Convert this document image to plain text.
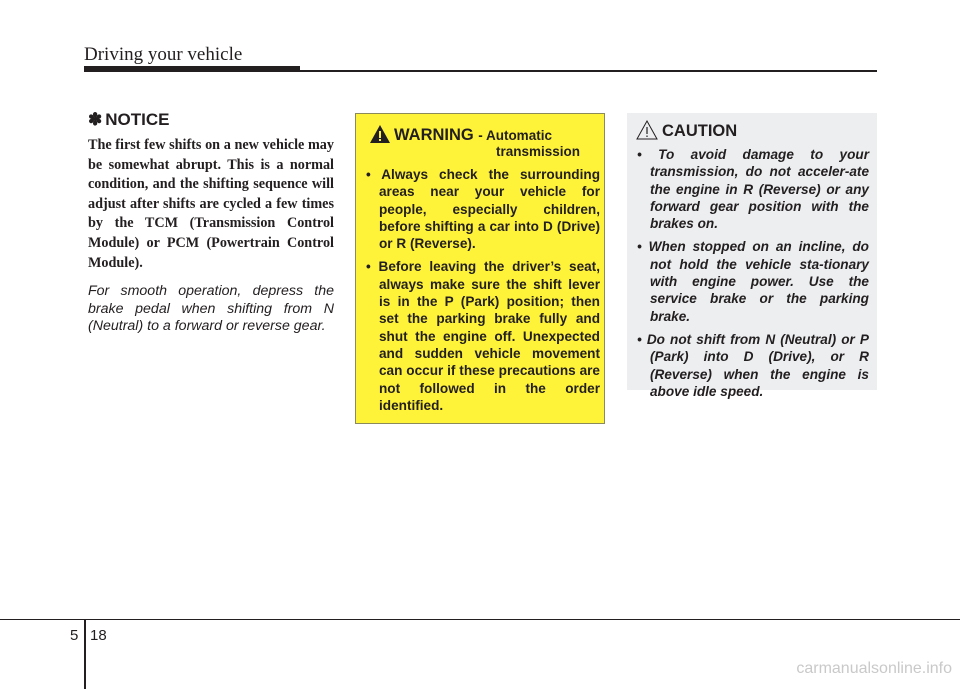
Driving your vehicle
✽ NOTICE

The first few shifts on a new vehicle may be somewhat abrupt. This is a normal condition, and the shifting sequence will adjust after shifts are cycled a few times by the TCM (Transmission Control Module) or PCM (Powertrain Control Module).

For smooth operation, depress the brake pedal when shifting from N (Neutral) to a forward or reverse gear.

WARNING - Automatic
transmission
• Always check the surrounding areas near your vehicle for people, especially children, before shifting a car into D (Drive) or R (Reverse).
• Before leaving the driver’s seat, always make sure the shift lever is in the P (Park) position; then set the parking brake fully and shut the engine off. Unexpected and sudden vehicle movement can occur if these precautions are not followed in the order identified.
CAUTION
• To avoid damage to your transmission, do not acceler-ate the engine in R (Reverse) or any forward gear position with the brakes on.
• When stopped on an incline, do not hold the vehicle sta-tionary with engine power. Use the service brake or the parking brake.
• Do not shift from N (Neutral) or P (Park) into D (Drive), or R (Reverse) when the engine is above idle speed.
5 18
carmanualsonline.info
